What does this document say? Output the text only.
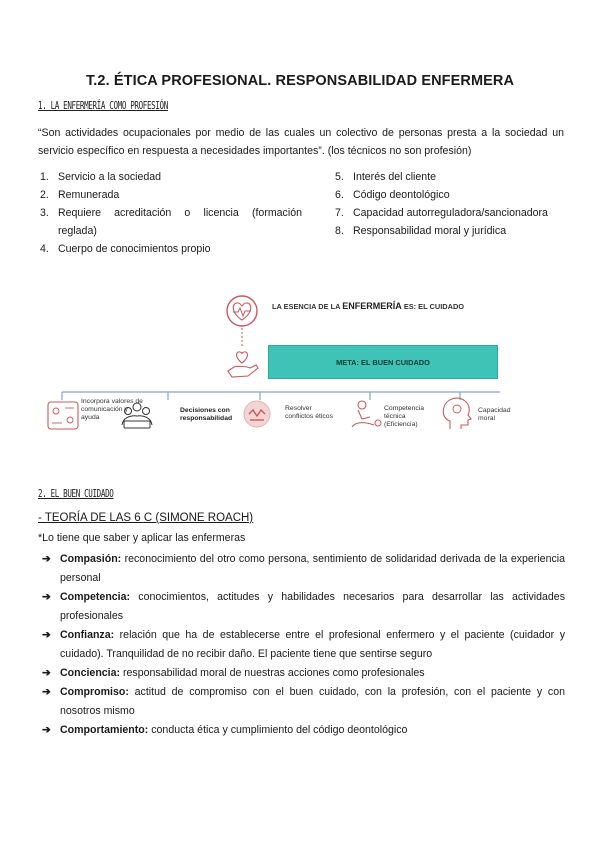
T.2. ÉTICA PROFESIONAL. RESPONSABILIDAD ENFERMERA
1. LA ENFERMERÍA COMO PROFESIÓN
“Son actividades ocupacionales por medio de las cuales un colectivo de personas presta a la sociedad un servicio específico en respuesta a necesidades importantes”. (los técnicos no son profesión)
1. Servicio a la sociedad
2. Remunerada
3. Requiere acreditación o licencia (formación reglada)
4. Cuerpo de conocimientos propio
5. Interés del cliente
6. Código deontológico
7. Capacidad autorreguladora/sancionadora
8. Responsabilidad moral y jurídica
LA ESENCIA DE LA ENFERMERÍA ES: EL CUIDADO
META: EL BUEN CUIDADO
Incorpora valores de comunicación y ayuda
Decisiones con responsabilidad
Resolver conflictos éticos
Competencia técnica (Eficiencia)
Capacidad moral
2. EL BUEN CUIDADO
- TEORÍA DE LAS 6 C (SIMONE ROACH)
*Lo tiene que saber y aplicar las enfermeras
➔ Compasión: reconocimiento del otro como persona, sentimiento de solidaridad derivada de la experiencia personal
➔ Competencia: conocimientos, actitudes y habilidades necesarios para desarrollar las actividades profesionales
➔ Confianza: relación que ha de establecerse entre el profesional enfermero y el paciente (cuidador y cuidado). Tranquilidad de no recibir daño. El paciente tiene que sentirse seguro
➔ Conciencia: responsabilidad moral de nuestras acciones como profesionales
➔ Compromiso: actitud de compromiso con el buen cuidado, con la profesión, con el paciente y con nosotros mismo
➔ Comportamiento: conducta ética y cumplimiento del código deontológico
